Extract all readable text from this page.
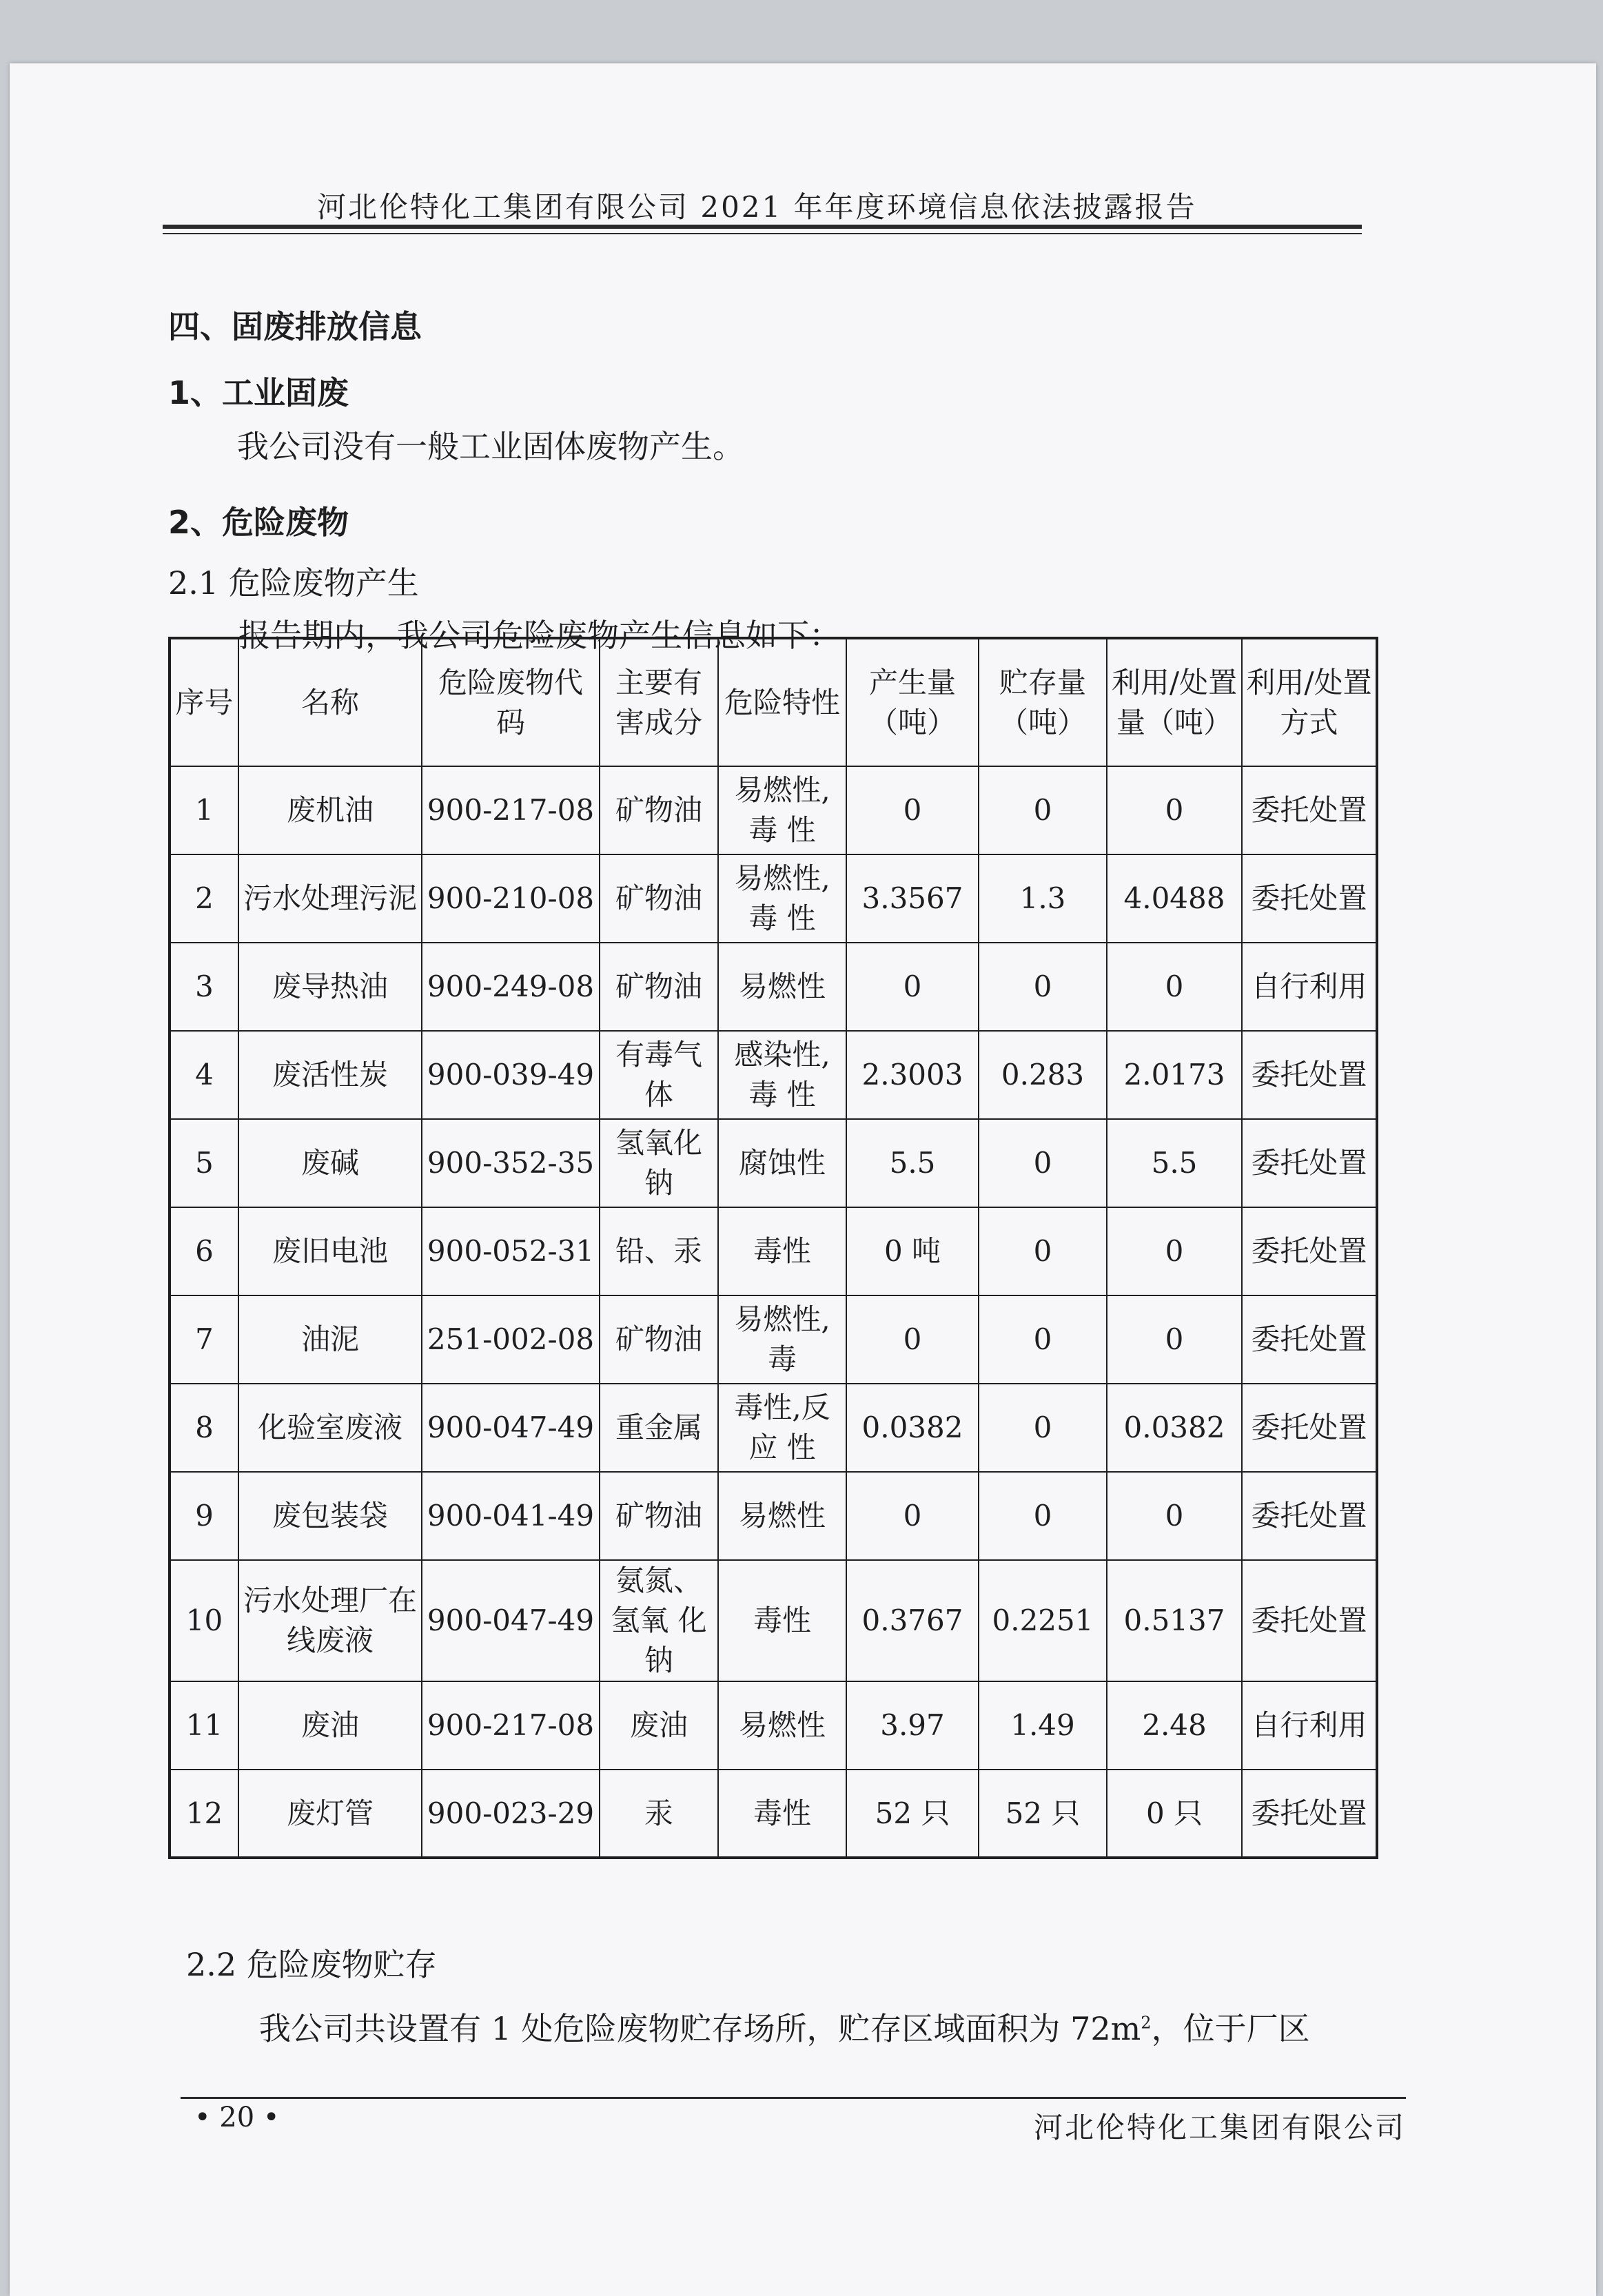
河北伦特化工集团有限公司 2021 年年度环境信息依法披露报告
四、固废排放信息
1、工业固废
我公司没有一般工业固体废物产生。
2、危险废物
2.1 危险废物产生
报告期内，我公司危险废物产生信息如下：
序号	名称	危险废物代码	主要有害成分	危险特性	产生量（吨）	贮存量（吨）	利用/处置量（吨）	利用/处置方式
1	废机油	900-217-08	矿物油	易燃性,毒 性	0	0	0	委托处置
2	污水处理污泥	900-210-08	矿物油	易燃性,毒 性	3.3567	1.3	4.0488	委托处置
3	废导热油	900-249-08	矿物油	易燃性	0	0	0	自行利用
4	废活性炭	900-039-49	有毒气体	感染性,毒 性	2.3003	0.283	2.0173	委托处置
5	废碱	900-352-35	氢氧化钠	腐蚀性	5.5	0	5.5	委托处置
6	废旧电池	900-052-31	铅、汞	毒性	0 吨	0	0	委托处置
7	油泥	251-002-08	矿物油	易燃性,毒	0	0	0	委托处置
8	化验室废液	900-047-49	重金属	毒性,反应 性	0.0382	0	0.0382	委托处置
9	废包装袋	900-041-49	矿物油	易燃性	0	0	0	委托处置
10	污水处理厂在 线废液	900-047-49	氨氮、氢氧 化钠	毒性	0.3767	0.2251	0.5137	委托处置
11	废油	900-217-08	废油	易燃性	3.97	1.49	2.48	自行利用
12	废灯管	900-023-29	汞	毒性	52 只	52 只	0 只	委托处置
2.2 危险废物贮存
我公司共设置有 1 处危险废物贮存场所，贮存区域面积为 $72m^2$，位于厂区
• 20 •	河北伦特化工集团有限公司
